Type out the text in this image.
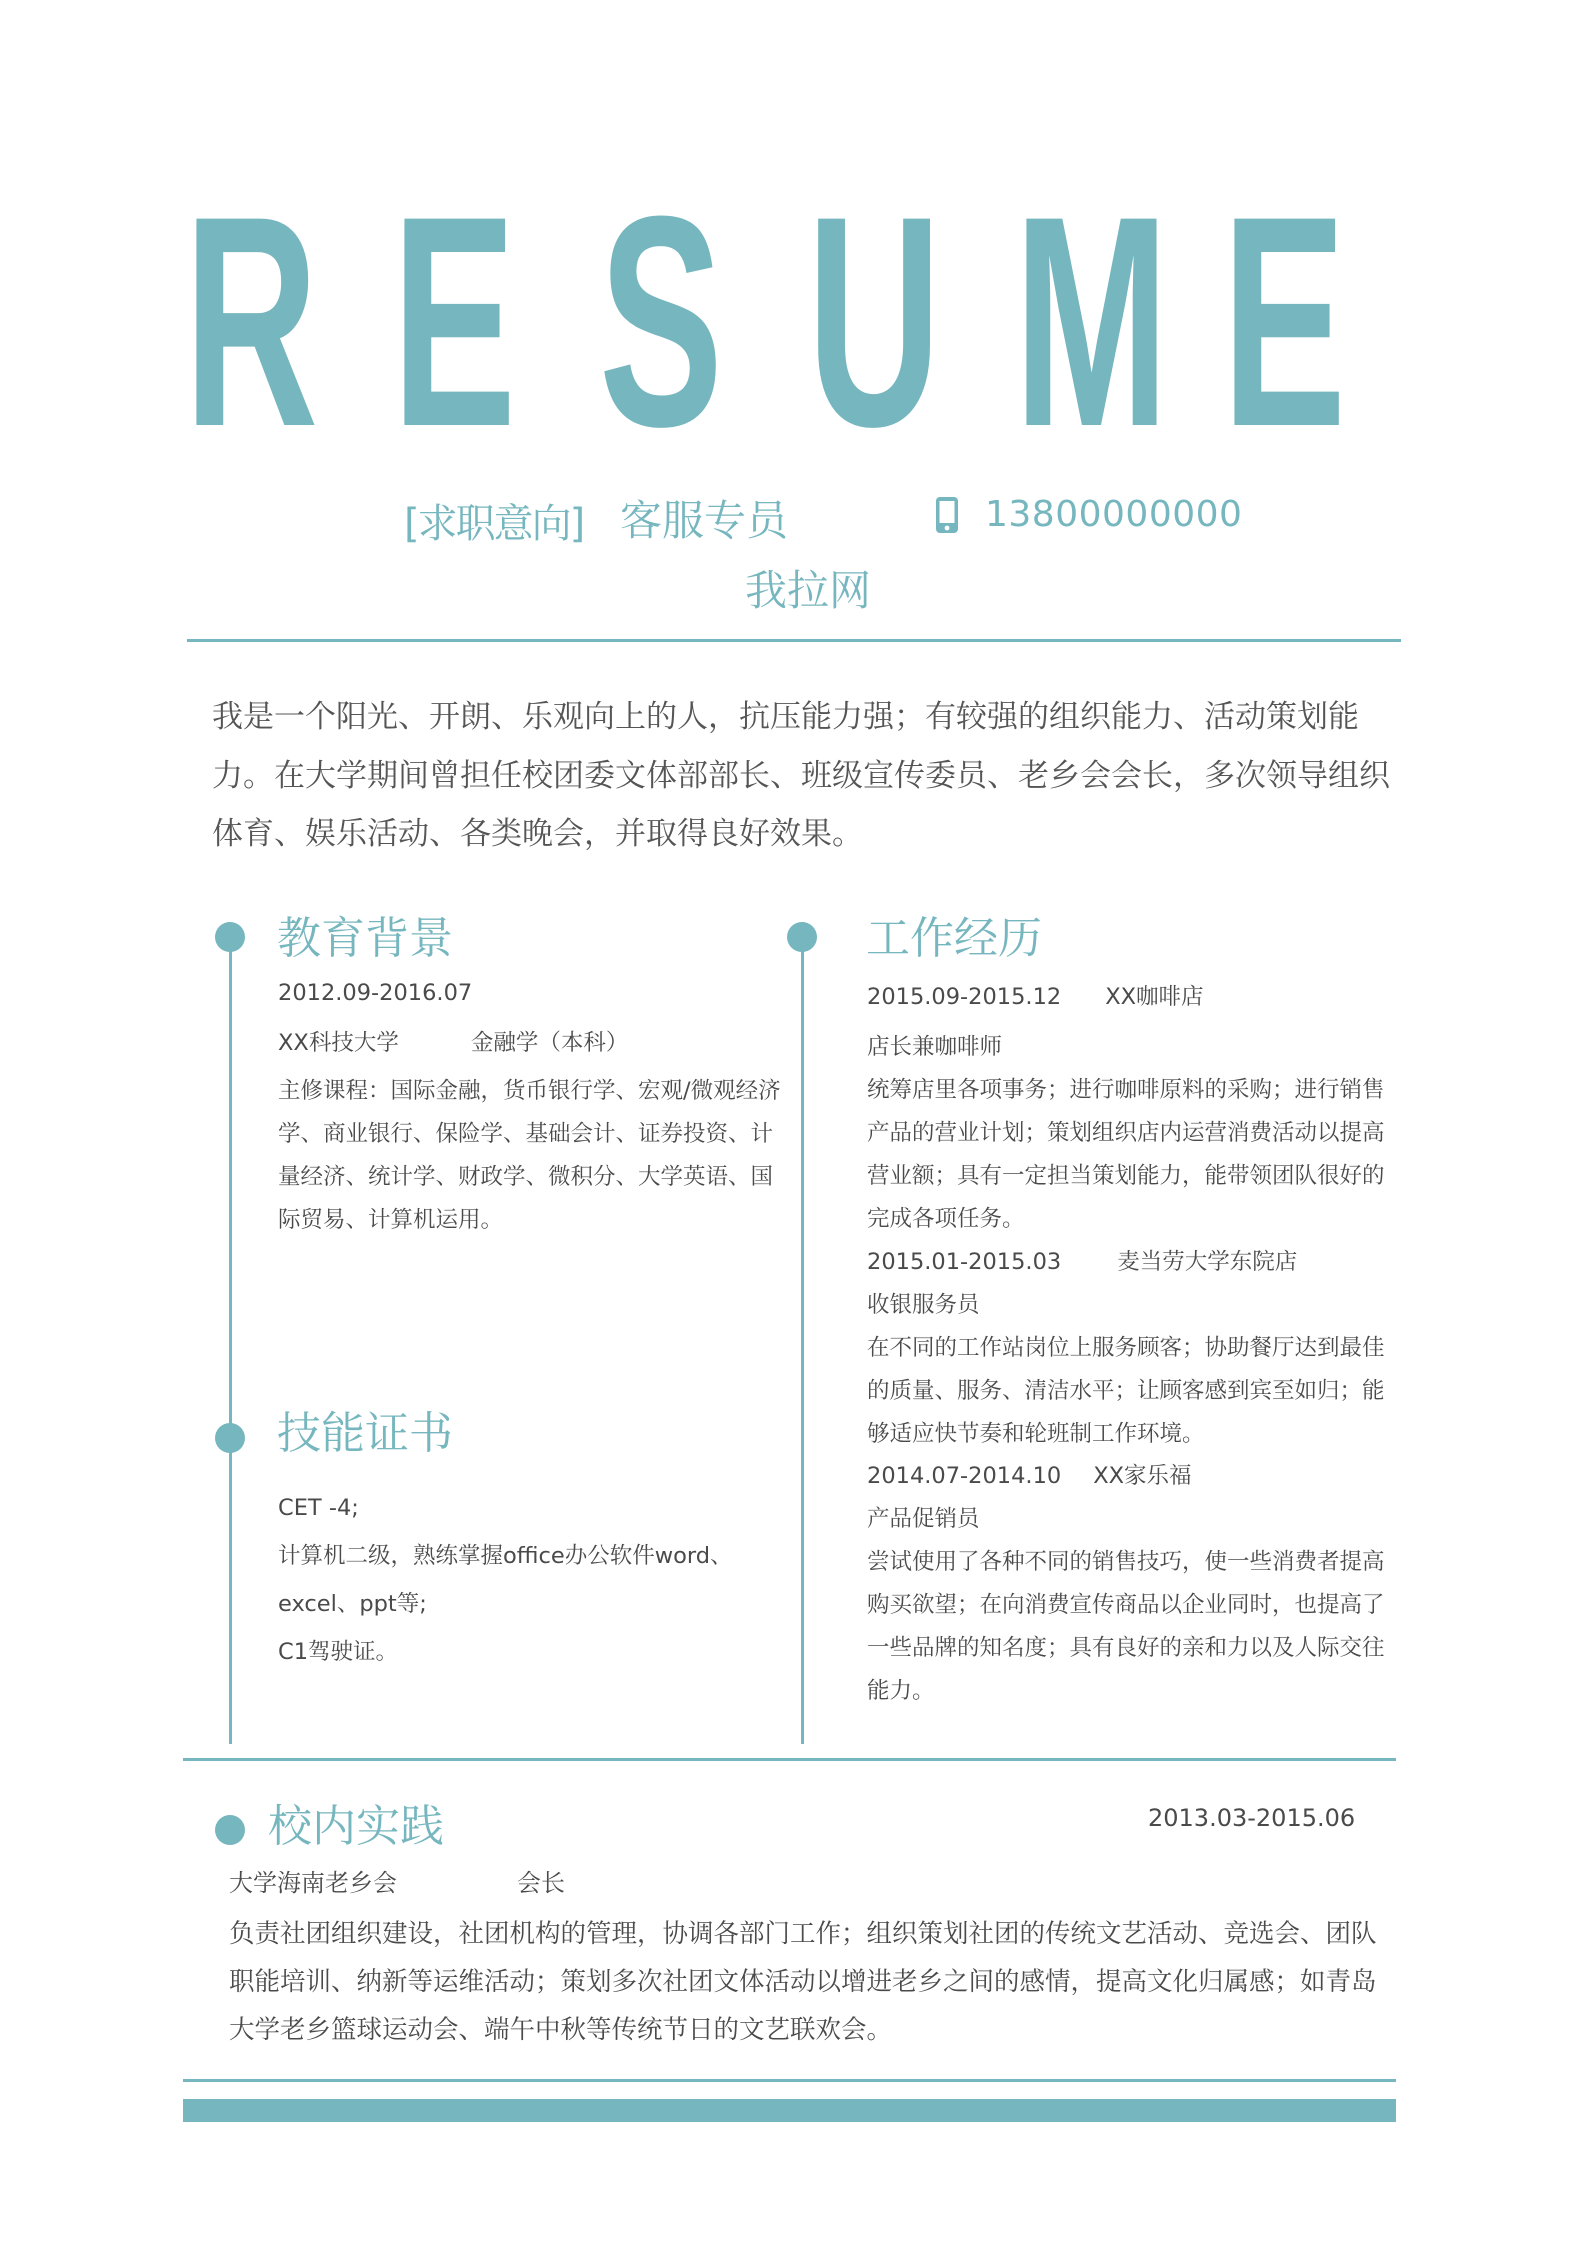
R E S U M E
[求职意向] 客服专员	13800000000
我拉网
我是一个阳光、开朗、乐观向上的人，抗压能力强；有较强的组织能力、活动策划能力。在大学期间曾担任校团委文体部部长、班级宣传委员、老乡会会长，多次领导组织体育、娱乐活动、各类晚会，并取得良好效果。
教育背景
2012.09-2016.07
XX科技大学	金融学（本科）
主修课程：国际金融，货币银行学、宏观/微观经济学、商业银行、保险学、基础会计、证券投资、计量经济、统计学、财政学、微积分、大学英语、国际贸易、计算机运用。
技能证书
CET -4;
计算机二级，熟练掌握office办公软件word、excel、ppt等;
C1驾驶证。
工作经历
2015.09-2015.12 XX咖啡店
店长兼咖啡师
统筹店里各项事务；进行咖啡原料的采购；进行销售产品的营业计划；策划组织店内运营消费活动以提高营业额；具有一定担当策划能力，能带领团队很好的完成各项任务。
2015.01-2015.03 麦当劳大学东院店
收银服务员
在不同的工作站岗位上服务顾客；协助餐厅达到最佳的质量、服务、清洁水平；让顾客感到宾至如归；能够适应快节奏和轮班制工作环境。
2014.07-2014.10 XX家乐福
产品促销员
尝试使用了各种不同的销售技巧，使一些消费者提高购买欲望；在向消费宣传商品以企业同时，也提高了一些品牌的知名度；具有良好的亲和力以及人际交往能力。
校内实践	2013.03-2015.06
大学海南老乡会	会长
负责社团组织建设，社团机构的管理，协调各部门工作；组织策划社团的传统文艺活动、竞选会、团队职能培训、纳新等运维活动；策划多次社团文体活动以增进老乡之间的感情，提高文化归属感；如青岛大学老乡篮球运动会、端午中秋等传统节日的文艺联欢会。
